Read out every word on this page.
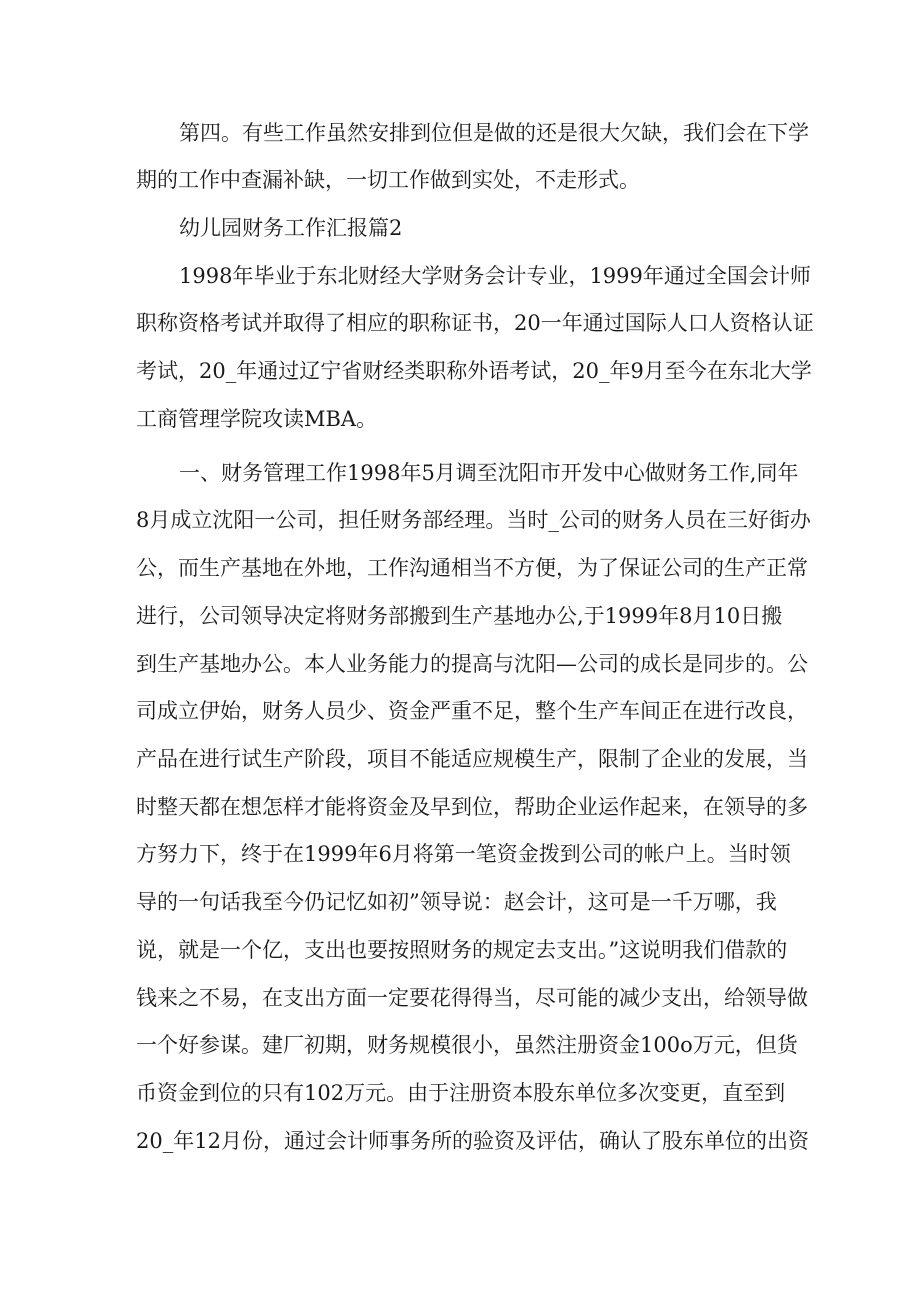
第四。有些工作虽然安排到位但是做的还是很大欠缺，我们会在下学
期的工作中查漏补缺，一切工作做到实处，不走形式。
幼儿园财务工作汇报篇2
1998年毕业于东北财经大学财务会计专业，1999年通过全国会计师
职称资格考试并取得了相应的职称证书，20一年通过国际人口人资格认证
考试，20_年通过辽宁省财经类职称外语考试，20_年9月至今在东北大学
工商管理学院攻读MBA。
一、财务管理工作1998年5月调至沈阳市开发中心做财务工作,同年
8月成立沈阳一公司，担任财务部经理。当时_公司的财务人员在三好街办
公，而生产基地在外地，工作沟通相当不方便，为了保证公司的生产正常
进行，公司领导决定将财务部搬到生产基地办公,于1999年8月10日搬
到生产基地办公。本人业务能力的提高与沈阳—公司的成长是同步的。公
司成立伊始，财务人员少、资金严重不足，整个生产车间正在进行改良，
产品在进行试生产阶段，项目不能适应规模生产，限制了企业的发展，当
时整天都在想怎样才能将资金及早到位，帮助企业运作起来，在领导的多
方努力下，终于在1999年6月将第一笔资金拨到公司的帐户上。当时领
导的一句话我至今仍记忆如初”领导说：赵会计，这可是一千万哪，我
说，就是一个亿，支出也要按照财务的规定去支出。”这说明我们借款的
钱来之不易，在支出方面一定要花得得当，尽可能的减少支出，给领导做
一个好参谋。建厂初期，财务规模很小，虽然注册资金100o万元，但货
币资金到位的只有102万元。由于注册资本股东单位多次变更，直至到
20_年12月份，通过会计师事务所的验资及评估，确认了股东单位的出资
